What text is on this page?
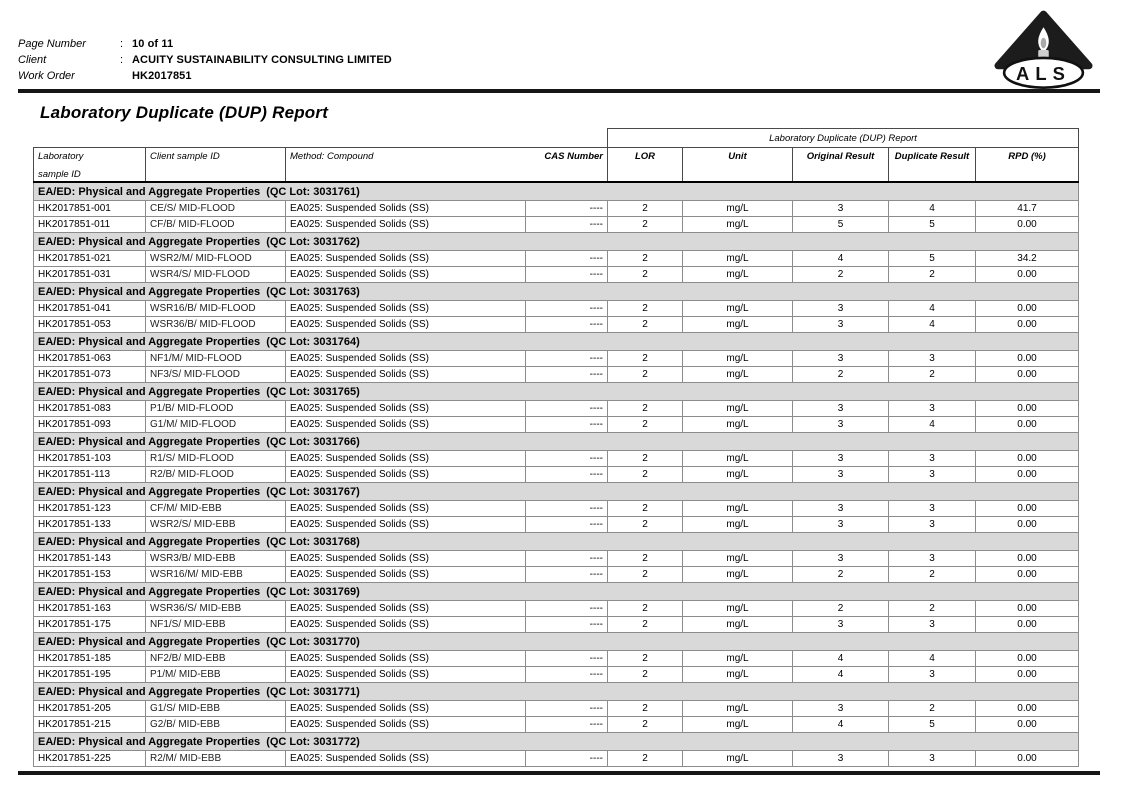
Page Number	: 10 of 11
Client	: ACUITY SUSTAINABILITY CONSULTING LIMITED
Work Order	HK2017851	ALS
Laboratory Duplicate (DUP) Report
				Laboratory Duplicate (DUP) Report				

Laboratory
sample ID	Client sample ID	Method: Compound	CAS Number	LOR	Unit	Original Result	Duplicate Result	RPD (%)
EA/ED: Physical and Aggregate Properties  (QC Lot: 3031761)								
HK2017851-001	CE/S/ MID-FLOOD	EA025: Suspended Solids (SS)	----	2	mg/L	3	4	41.7
HK2017851-011	CF/B/ MID-FLOOD	EA025: Suspended Solids (SS)	----	2	mg/L	5	5	0.00
EA/ED: Physical and Aggregate Properties  (QC Lot: 3031762)								
HK2017851-021	WSR2/M/ MID-FLOOD	EA025: Suspended Solids (SS)	----	2	mg/L	4	5	34.2
HK2017851-031	WSR4/S/ MID-FLOOD	EA025: Suspended Solids (SS)	----	2	mg/L	2	2	0.00
EA/ED: Physical and Aggregate Properties  (QC Lot: 3031763)								
HK2017851-041	WSR16/B/ MID-FLOOD	EA025: Suspended Solids (SS)	----	2	mg/L	3	4	0.00
HK2017851-053	WSR36/B/ MID-FLOOD	EA025: Suspended Solids (SS)	----	2	mg/L	3	4	0.00
EA/ED: Physical and Aggregate Properties  (QC Lot: 3031764)								
HK2017851-063	NF1/M/ MID-FLOOD	EA025: Suspended Solids (SS)	----	2	mg/L	3	3	0.00
HK2017851-073	NF3/S/ MID-FLOOD	EA025: Suspended Solids (SS)	----	2	mg/L	2	2	0.00
EA/ED: Physical and Aggregate Properties  (QC Lot: 3031765)								
HK2017851-083	P1/B/ MID-FLOOD	EA025: Suspended Solids (SS)	----	2	mg/L	3	3	0.00
HK2017851-093	G1/M/ MID-FLOOD	EA025: Suspended Solids (SS)	----	2	mg/L	3	4	0.00
EA/ED: Physical and Aggregate Properties  (QC Lot: 3031766)								
HK2017851-103	R1/S/ MID-FLOOD	EA025: Suspended Solids (SS)	----	2	mg/L	3	3	0.00
HK2017851-113	R2/B/ MID-FLOOD	EA025: Suspended Solids (SS)	----	2	mg/L	3	3	0.00
EA/ED: Physical and Aggregate Properties  (QC Lot: 3031767)								
HK2017851-123	CF/M/ MID-EBB	EA025: Suspended Solids (SS)	----	2	mg/L	3	3	0.00
HK2017851-133	WSR2/S/ MID-EBB	EA025: Suspended Solids (SS)	----	2	mg/L	3	3	0.00
EA/ED: Physical and Aggregate Properties  (QC Lot: 3031768)								
HK2017851-143	WSR3/B/ MID-EBB	EA025: Suspended Solids (SS)	----	2	mg/L	3	3	0.00
HK2017851-153	WSR16/M/ MID-EBB	EA025: Suspended Solids (SS)	----	2	mg/L	2	2	0.00
EA/ED: Physical and Aggregate Properties  (QC Lot: 3031769)								
HK2017851-163	WSR36/S/ MID-EBB	EA025: Suspended Solids (SS)	----	2	mg/L	2	2	0.00
HK2017851-175	NF1/S/ MID-EBB	EA025: Suspended Solids (SS)	----	2	mg/L	3	3	0.00
EA/ED: Physical and Aggregate Properties  (QC Lot: 3031770)								
HK2017851-185	NF2/B/ MID-EBB	EA025: Suspended Solids (SS)	----	2	mg/L	4	4	0.00
HK2017851-195	P1/M/ MID-EBB	EA025: Suspended Solids (SS)	----	2	mg/L	4	3	0.00
EA/ED: Physical and Aggregate Properties  (QC Lot: 3031771)								
HK2017851-205	G1/S/ MID-EBB	EA025: Suspended Solids (SS)	----	2	mg/L	3	2	0.00
HK2017851-215	G2/B/ MID-EBB	EA025: Suspended Solids (SS)	----	2	mg/L	4	5	0.00
EA/ED: Physical and Aggregate Properties  (QC Lot: 3031772)								
HK2017851-225	R2/M/ MID-EBB	EA025: Suspended Solids (SS)	----	2	mg/L	3	3	0.00
